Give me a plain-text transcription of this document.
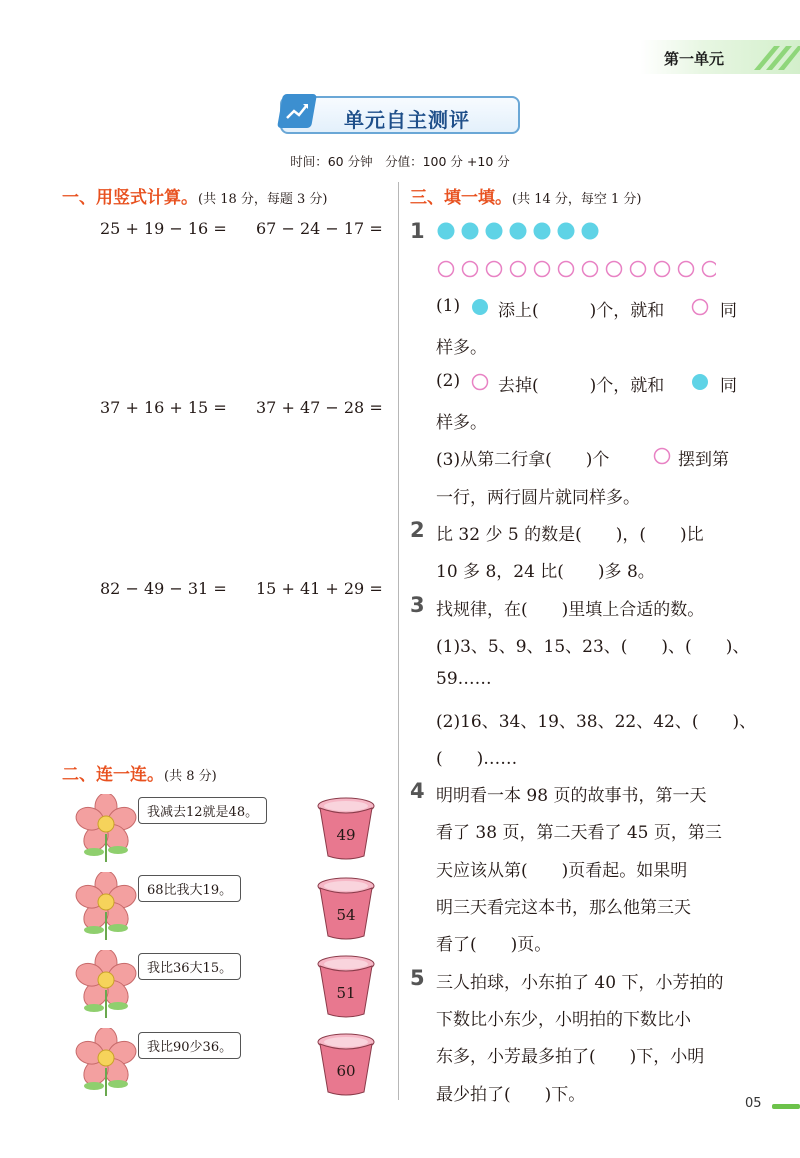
第一单元
单元自主测评
时间：60 分钟　分值：100 分 +10 分
一、用竖式计算。(共 18 分，每题 3 分)
25 + 19 − 16 = 67 − 24 − 17 =
37 + 16 + 15 = 37 + 47 − 28 =
82 − 49 − 31 = 15 + 41 + 29 =
二、连一连。(共 8 分)
我减去12就是48。
68比我大19。
我比36大15。
我比90少36。
49
54
51
60
三、填一填。(共 14 分，每空 1 分)
1
(1) 添上(　　　)个，就和	同
样多。
(2) 去掉(　　　)个，就和	同
样多。
(3)从第二行拿(　　)个	摆到第
一行，两行圆片就同样多。
2 比 32 少 5 的数是(　　)，(　　)比
10 多 8，24 比(　　)多 8。
3 找规律，在(　　)里填上合适的数。
(1)3、5、9、15、23、(　　)、(　　)、
59……
(2)16、34、19、38、22、42、(　　)、
(　　)……
4 明明看一本 98 页的故事书，第一天
看了 38 页，第二天看了 45 页，第三
天应该从第(　　)页看起。如果明
明三天看完这本书，那么他第三天
看了(　　)页。
5 三人拍球，小东拍了 40 下，小芳拍的
下数比小东少，小明拍的下数比小
东多，小芳最多拍了(　　)下，小明
最少拍了(　　)下。	05
